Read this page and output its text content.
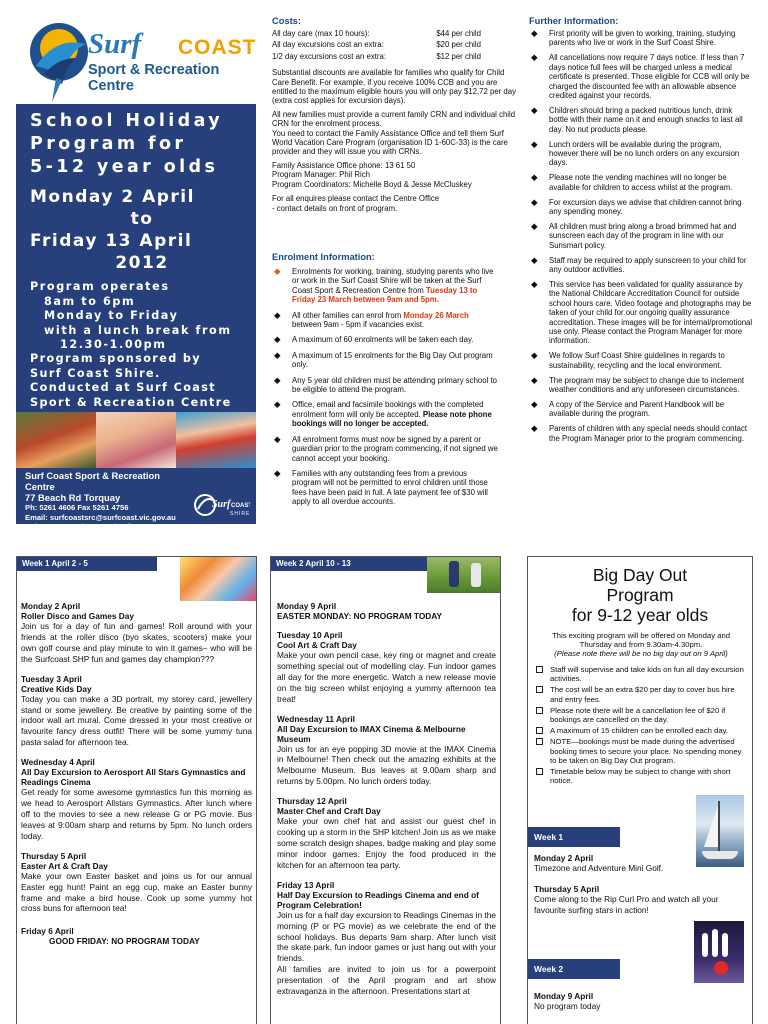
Surf COAST
Sport & Recreation Centre
School Holiday
Program for
5-12 year olds
Monday 2 April
to
Friday 13 April
2012
Program operates
8am to 6pm
Monday to Friday
with a lunch break from
12.30-1.00pm
Program sponsored by
Surf Coast Shire.
Conducted at Surf Coast
Sport & Recreation Centre
Surf Coast Sport & Recreation Centre
77 Beach Rd Torquay
Ph: 5261 4606 Fax 5261 4756
Email: surfcoastsrc@surfcoast.vic.gov.au
Twitter: www.twitter.com/surfcoastsrc
Surf COAST
SHIRE
Costs:
All day care (max 10 hours):	$44 per child
All day excursions cost an extra:	$20 per child
1/2 day excursions cost an extra:	$12 per child

Substantial discounts are available for families who qualify for Child Care Benefit. For example, if you receive 100% CCB and you are entitled to the maximum eligible hours you will only pay $12.72 per day (extra cost applies for excursion days).

All new families must provide a current family CRN and individual child CRN for the enrolment process.

You need to contact the Family Assistance Office and tell them Surf World Vacation Care Program (organisation ID 1-60C-33) is the care provider and they will issue you with CRNs.

Family Assistance Office phone: 13 61 50

Program Manager: Phil Rich

Program Coordinators: Michelle Boyd & Jesse McCluskey

For all enquires please contact the Centre Office

- contact details on front of program.

Enrolment Information:
◆ Enrolments for working, training, studying parents who live or work in the Surf Coast Shire will be taken at the Surf Coast Sport & Recreation Centre from Tuesday 13 to Friday 23 March between 9am and 5pm.
◆ All other families can enrol from Monday 26 March between 9am - 5pm if vacancies exist.
◆ A maximum of 60 enrolments will be taken each day.
◆ A maximum of 15 enrolments for the Big Day Out program only.
◆ Any 5 year old children must be attending primary school to be eligible to attend the program.
◆ Office, email and facsimile bookings with the completed enrolment form will only be accepted. Please note phone bookings will no longer be accepted.
◆ All enrolment forms must now be signed by a parent or guardian prior to the program commencing, if not signed we cannot accept your booking.
◆ Families with any outstanding fees from a previous program will not be permitted to enrol children until those fees have been paid in full. A late payment fee of $30 will apply to all overdue accounts.
Further Information:
◆ First priority will be given to working, training, studying parents who live or work in the Surf Coast Shire.
◆ All cancellations now require 7 days notice. If less than 7 days notice full fees will be charged unless a medical certificate is presented. Those eligible for CCB will only be charged the discounted fee with an allowable absence credited against your records.
◆ Children should bring a packed nutritious lunch, drink bottle with their name on it and enough snacks to last all day. No nut products please.
◆ Lunch orders will be available during the program, however there will be no lunch orders on any excursion days.
◆ Please note the vending machines will no longer be available for children to access whilst at the program.
◆ For excursion days we advise that children cannot bring any spending money.
◆ All children must bring along a broad brimmed hat and sunscreen each day of the program in line with our Sunsmart policy.
◆ Staff may be required to apply sunscreen to your child for any outdoor activities.
◆ This service has been validated for quality assurance by the National Childcare Accreditation Council for outside school hours care. Video footage and photographs may be taken of your child for our ongoing quality assurance accreditation. These images will be for internal/promotional use only. Please contact the Program Manager for more information.
◆ We follow Surf Coast Shire guidelines in regards to sustainability, recycling and the local environment.
◆ The program may be subject to change due to inclement weather conditions and any unforeseen circumstances.
◆ A copy of the Service and Parent Handbook will be available during the program.
◆ Parents of children with any special needs should contact the Program Manager prior to the program commencing.
Week 1 April 2 - 5
Monday 2 April
Roller Disco and Games Day
Join us for a day of fun and games! Roll around with your friends at the roller disco (byo skates, scooters) make your own golf course and play minute to win it games– who will be the Surfcoast SHP fun and games day champion???
Tuesday 3 April
Creative Kids Day
Today you can make a 3D portrait, my storey card, jewellery stand or some jewellery. Be creative by painting some of the indoor wall art mural. Come dressed in your most creative or favourite fancy dress outfit! There will be some yummy tuna pasta salad for afternoon tea.
Wednesday 4 April
All Day Excursion to Aerosport All Stars Gymnastics and Readings Cinema
Get ready for some awesome gymnastics fun this morning as we head to Aerosport Allstars Gymnastics. After lunch where off to the movies to see a new release G or PG movie. Bus leaves at 9:00am sharp and returns by 5pm. No lunch orders today.
Thursday 5 April
Easter Art & Craft Day
Make your own Easter basket and joins us for our annual Easter egg hunt! Paint an egg cup, make an Easter bunny frame and make a bird house. Cook up some yummy hot cross buns for afternoon tea!
Friday 6 April
GOOD FRIDAY: NO PROGRAM TODAY
Week 2 April 10 - 13
Monday 9 April
EASTER MONDAY: NO PROGRAM TODAY
Tuesday 10 April
Cool Art & Craft Day
Make your own pencil case, key ring or magnet and create something special out of modelling clay. Fun indoor games all day for the more energetic. Watch a new release movie on the big screen whilst enjoying a yummy afternoon tea treat!
Wednesday 11 April
All Day Excursion to IMAX Cinema & Melbourne Museum
Join us for an eye popping 3D movie at the IMAX Cinema in Melbourne! Then check out the amazing exhibits at the Melbourne Museum. Bus leaves at 9.00am sharp and returns by 5.00pm. No lunch orders today.
Thursday 12 April
Master Chef and Craft Day
Make your own chef hat and assist our guest chef in cooking up a storm in the SHP kitchen! Join us as we make some scratch design shapes, badge making and play some minor indoor games. Enjoy the food produced in the kitchen for an afternoon tea party.
Friday 13 April
Half Day Excursion to Readings Cinema and end of Program Celebration!
Join us for a half day excursion to Readings Cinemas in the morning (P or PG movie) as we celebrate the end of the school holidays. Bus departs 9am sharp. After lunch visit the skate park, fun indoor games or just hang out with your friends.
All families are invited to join us for a powerpoint presentation of the April program and art show extravaganza in the afternoon. Presentations start at
Big Day Out
Program
for 9-12 year olds
This exciting program will be offered on Monday and Thursday and from 9.30am-4.30pm.
(Please note there will be no big day out on 9 April)
Staff will supervise and take kids on fun all day excursion activities.
The cost will be an extra $20 per day to cover bus hire and entry fees.
Please note there will be a cancellation fee of $20 if bookings are cancelled on the day.
A maximum of 15 children can be enrolled each day.
NOTE—bookings must be made during the advertised booking times to secure your place. No spending money to be taken on Big Day Out program.
Timetable below may be subject to change with short notice.
Week 1
Monday 2 April
Timezone and Adventure Mini Golf.
Thursday 5 April
Come along to the Rip Curl Pro and watch all your favourite surfing stars in action!
Week 2
Monday 9 April
No program today
